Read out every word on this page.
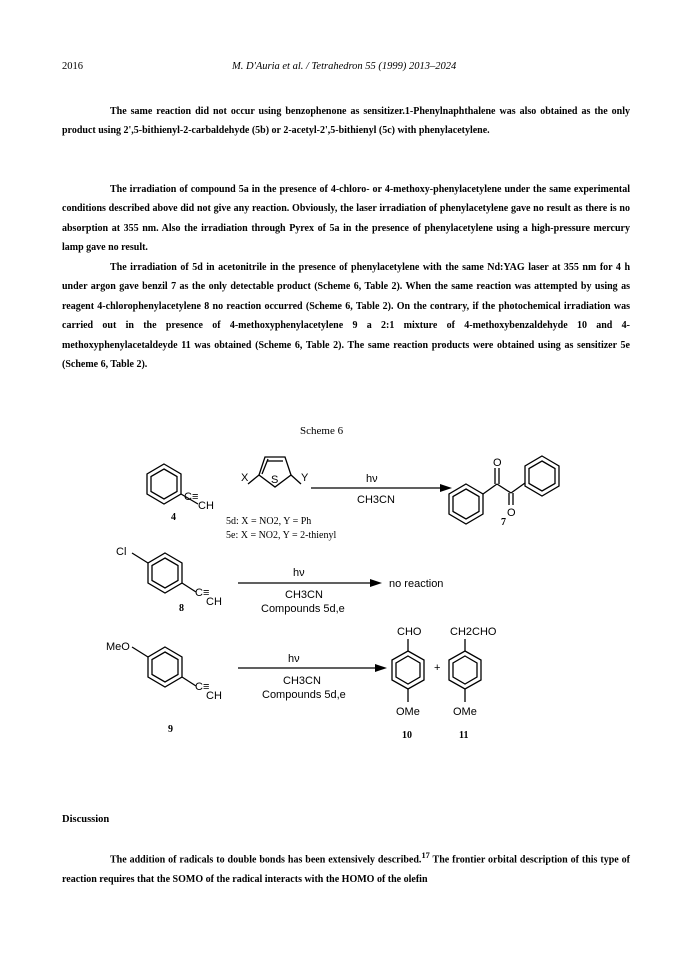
2016	M. D'Auria et al. / Tetrahedron 55 (1999) 2013–2024

The same reaction did not occur using benzophenone as sensitizer.1-Phenylnaphthalene was also obtained as the only product using 2',5-bithienyl-2-carbaldehyde (5b) or 2-acetyl-2',5-bithienyl (5c) with phenylacetylene.

The irradiation of compound 5a in the presence of 4-chloro- or 4-methoxy-phenylacetylene under the same experimental conditions described above did not give any reaction. Obviously, the laser irradiation of phenylacetylene gave no result as there is no absorption at 355 nm. Also the irradiation through Pyrex of 5a in the presence of phenylacetylene using a high-pressure mercury lamp gave no result.

The irradiation of 5d in acetonitrile in the presence of phenylacetylene with the same Nd:YAG laser at 355 nm for 4 h under argon gave benzil 7 as the only detectable product (Scheme 6, Table 2). When the same reaction was attempted by using as reagent 4-chlorophenylacetylene 8 no reaction occurred (Scheme 6, Table 2). On the contrary, if the photochemical irradiation was carried out in the presence of 4-methoxyphenylacetylene 9 a 2:1 mixture of 4-methoxybenzaldehyde 10 and 4-methoxyphenylacetaldeyde 11 was obtained (Scheme 6, Table 2). The same reaction products were obtained using as sensitizer 5e (Scheme 6, Table 2).

Scheme 6
C≡
CH
4
X S Y
5d: X = NO2, Y = Ph
5e: X = NO2, Y = 2-thienyl
hν
CH3CN
O
O
7
Cl
C≡
CH
8
hν
CH3CN
Compounds 5d,e
no reaction
MeO
C≡
CH
9
hν
CH3CN
Compounds 5d,e
CHO	CH2CHO
+
OMe	OMe
10	11
Discussion

The addition of radicals to double bonds has been extensively described.$^{17}$ The frontier orbital description of this type of reaction requires that the SOMO of the radical interacts with the HOMO of the olefin
